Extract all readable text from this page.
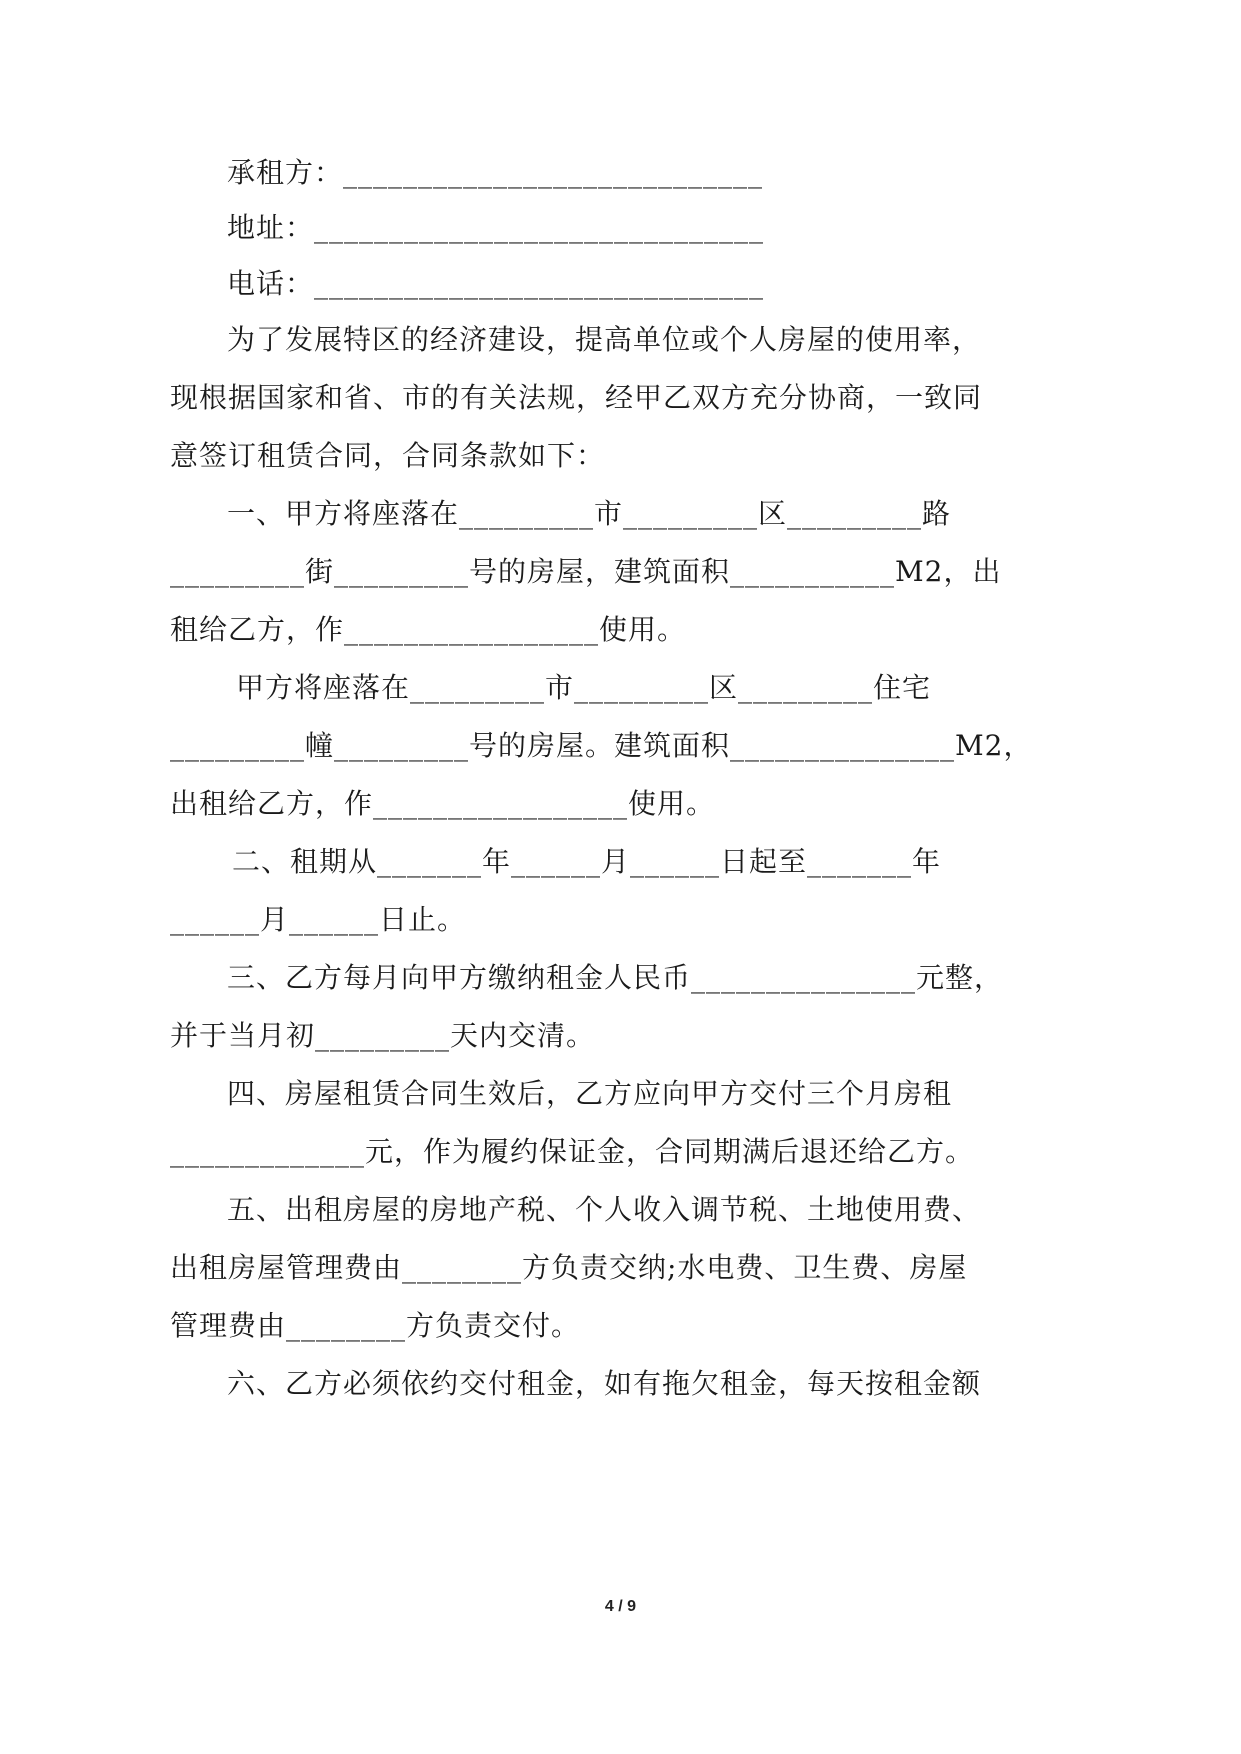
承租方：____________________________
地址：______________________________
电话：______________________________
为了发展特区的经济建设，提高单位或个人房屋的使用率，
现根据国家和省、市的有关法规，经甲乙双方充分协商，一致同
意签订租赁合同，合同条款如下：
一、甲方将座落在_________市_________区_________路
_________街_________号的房屋，建筑面积___________M2，出
租给乙方，作_________________使用。
甲方将座落在_________市_________区_________住宅
_________幢_________号的房屋。建筑面积_______________M2，
出租给乙方，作_________________使用。
二、租期从_______年______月______日起至_______年
______月______日止。
三、乙方每月向甲方缴纳租金人民币_______________元整，
并于当月初_________天内交清。
四、房屋租赁合同生效后，乙方应向甲方交付三个月房租
_____________元，作为履约保证金，合同期满后退还给乙方。
五、出租房屋的房地产税、个人收入调节税、土地使用费、
出租房屋管理费由________方负责交纳;水电费、卫生费、房屋
管理费由________方负责交付。
六、乙方必须依约交付租金，如有拖欠租金，每天按租金额
4 / 9
